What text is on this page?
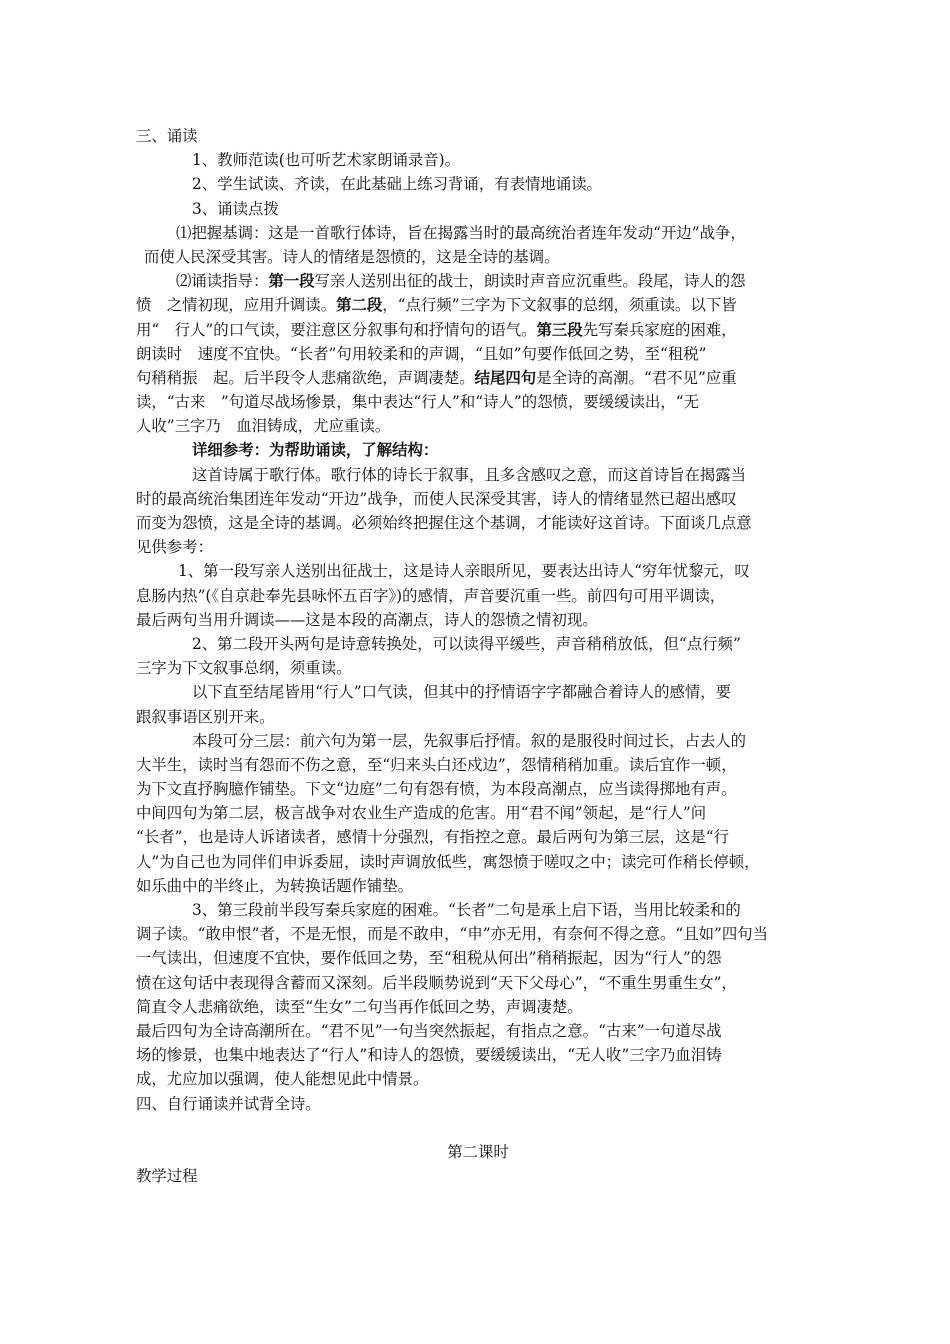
三、诵读
1、教师范读(也可听艺术家朗诵录音)。
2、学生试读、齐读，在此基础上练习背诵，有表情地诵读。
3、诵读点拨
⑴把握基调：这是一首歌行体诗，旨在揭露当时的最高统治者连年发动“开边”战争，
而使人民深受其害。诗人的情绪是怨愤的，这是全诗的基调。
⑵诵读指导：第一段写亲人送别出征的战士，朗读时声音应沉重些。段尾，诗人的怨
愤　之情初现，应用升调读。第二段，“点行频”三字为下文叙事的总纲，须重读。以下皆
用“　行人”的口气读，要注意区分叙事句和抒情句的语气。第三段先写秦兵家庭的困难，
朗读时　速度不宜快。“长者”句用较柔和的声调，“且如”句要作低回之势，至“租税”
句稍稍振　起。后半段令人悲痛欲绝，声调凄楚。结尾四句是全诗的高潮。“君不见”应重
读，“古来　”句道尽战场惨景，集中表达“行人”和“诗人”的怨愤，要缓缓读出，“无
人收”三字乃　血泪铸成，尤应重读。
详细参考：为帮助诵读，了解结构：
这首诗属于歌行体。歌行体的诗长于叙事，且多含感叹之意，而这首诗旨在揭露当
时的最高统治集团连年发动“开边”战争，而使人民深受其害，诗人的情绪显然已超出感叹
而变为怨愤，这是全诗的基调。必须始终把握住这个基调，才能读好这首诗。下面谈几点意
见供参考：
1、第一段写亲人送别出征战士，这是诗人亲眼所见，要表达出诗人“穷年忧黎元，叹
息肠内热”(《自京赴奉先县咏怀五百字》)的感情，声音要沉重一些。前四句可用平调读，
最后两句当用升调读——这是本段的高潮点，诗人的怨愤之情初现。
2、第二段开头两句是诗意转换处，可以读得平缓些，声音稍稍放低，但“点行频”
三字为下文叙事总纲，须重读。
以下直至结尾皆用“行人”口气读，但其中的抒情语字字都融合着诗人的感情，要
跟叙事语区别开来。
本段可分三层：前六句为第一层，先叙事后抒情。叙的是服役时间过长，占去人的
大半生，读时当有怨而不伤之意，至“归来头白还戍边”，怨情稍稍加重。读后宜作一顿，
为下文直抒胸臆作铺垫。下文“边庭”二句有怨有愤，为本段高潮点，应当读得掷地有声。
中间四句为第二层，极言战争对农业生产造成的危害。用“君不闻”领起，是“行人”问
“长者”，也是诗人诉诸读者，感情十分强烈，有指控之意。最后两句为第三层，这是“行
人”为自己也为同伴们申诉委屈，读时声调放低些，寓怨愤于嗟叹之中；读完可作稍长停顿，
如乐曲中的半终止，为转换话题作铺垫。
3、第三段前半段写秦兵家庭的困难。“长者”二句是承上启下语，当用比较柔和的
调子读。“敢申恨”者，不是无恨，而是不敢申，“申”亦无用，有奈何不得之意。“且如”四句当
一气读出，但速度不宜快，要作低回之势，至“租税从何出”稍稍振起，因为“行人”的怨
愤在这句话中表现得含蓄而又深刻。后半段顺势说到“天下父母心”，“不重生男重生女”，
简直令人悲痛欲绝，读至“生女”二句当再作低回之势，声调凄楚。
最后四句为全诗高潮所在。“君不见”一句当突然振起，有指点之意。“古来”一句道尽战
场的惨景，也集中地表达了“行人”和诗人的怨愤，要缓缓读出，“无人收”三字乃血泪铸
成，尤应加以强调，使人能想见此中情景。
四、自行诵读并试背全诗。
第二课时
教学过程
